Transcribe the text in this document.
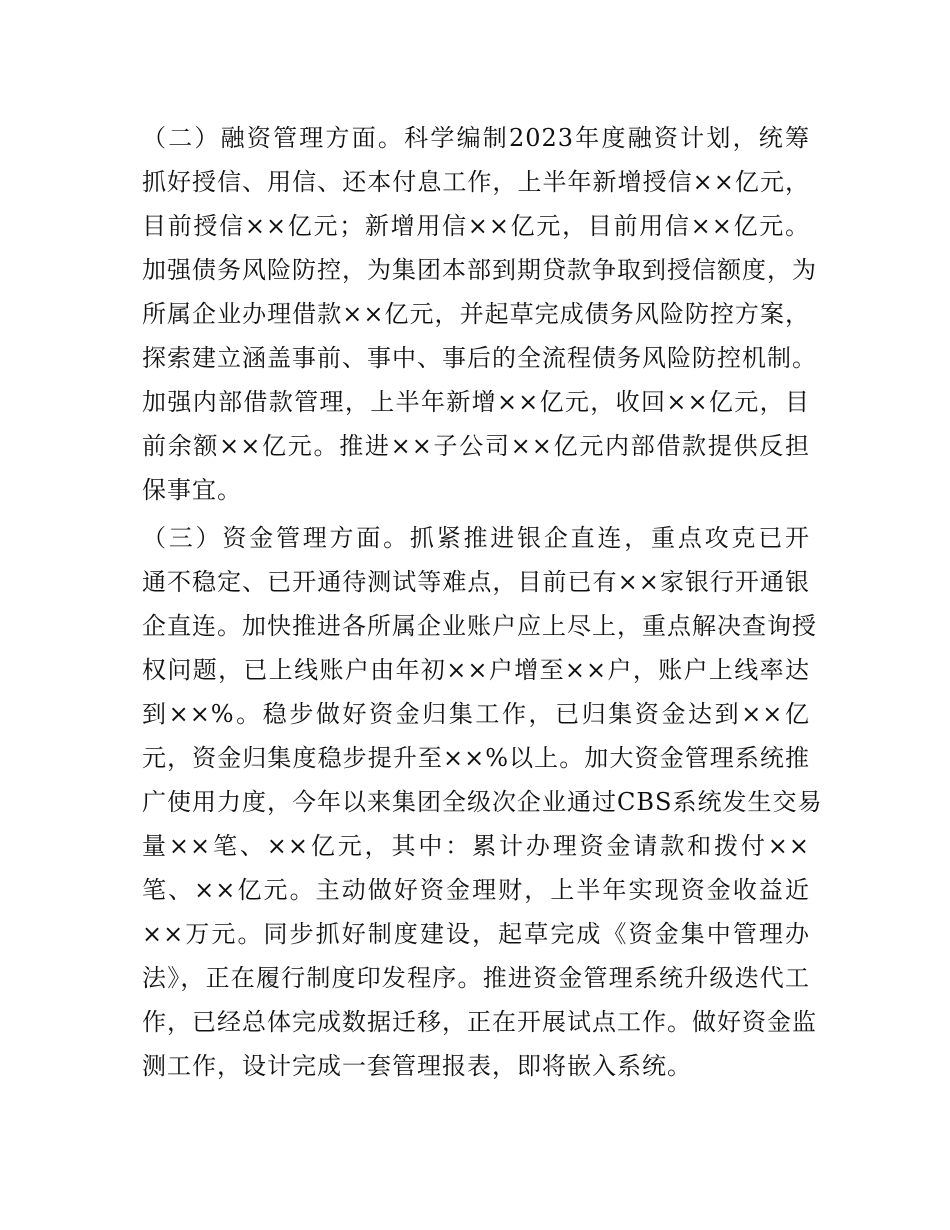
（二）融资管理方面。科学编制2023年度融资计划，统筹
抓好授信、用信、还本付息工作，上半年新增授信××亿元，
目前授信××亿元；新增用信××亿元，目前用信××亿元。
加强债务风险防控，为集团本部到期贷款争取到授信额度，为
所属企业办理借款××亿元，并起草完成债务风险防控方案，
探索建立涵盖事前、事中、事后的全流程债务风险防控机制。
加强内部借款管理，上半年新增××亿元，收回××亿元，目
前余额××亿元。推进××子公司××亿元内部借款提供反担
保事宜。
（三）资金管理方面。抓紧推进银企直连，重点攻克已开
通不稳定、已开通待测试等难点，目前已有××家银行开通银
企直连。加快推进各所属企业账户应上尽上，重点解决查询授
权问题，已上线账户由年初××户增至××户，账户上线率达
到××%。稳步做好资金归集工作，已归集资金达到××亿
元，资金归集度稳步提升至××%以上。加大资金管理系统推
广使用力度，今年以来集团全级次企业通过CBS系统发生交易
量××笔、××亿元，其中：累计办理资金请款和拨付××
笔、××亿元。主动做好资金理财，上半年实现资金收益近
××万元。同步抓好制度建设，起草完成《资金集中管理办
法》，正在履行制度印发程序。推进资金管理系统升级迭代工
作，已经总体完成数据迁移，正在开展试点工作。做好资金监
测工作，设计完成一套管理报表，即将嵌入系统。
